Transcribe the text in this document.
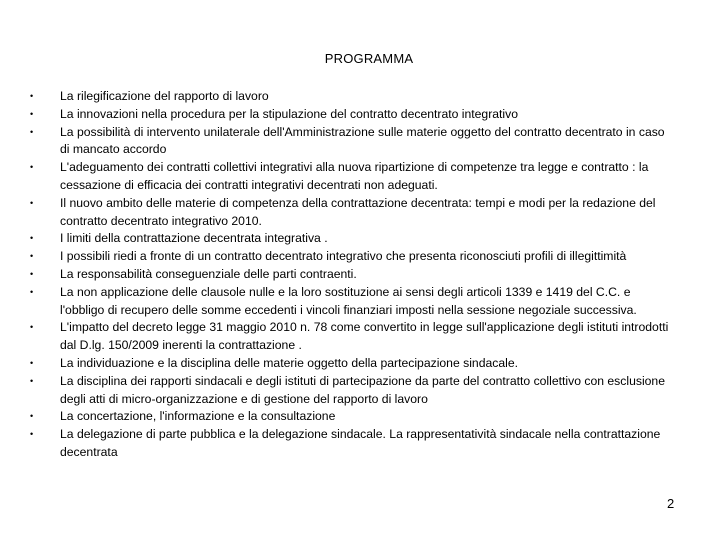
PROGRAMMA
• La rilegificazione del rapporto di lavoro
• La innovazioni nella procedura per la stipulazione del contratto decentrato integrativo
• La possibilità di intervento unilaterale dell'Amministrazione sulle materie oggetto del contratto decentrato in caso di mancato accordo
• L'adeguamento dei contratti collettivi integrativi alla nuova ripartizione di competenze tra legge e contratto : la cessazione di efficacia dei contratti integrativi decentrati non adeguati.
• Il nuovo ambito delle materie di competenza della contrattazione decentrata: tempi e modi per la redazione del contratto decentrato integrativo 2010.
• I limiti della contrattazione decentrata integrativa .
• I possibili riedi a fronte di un contratto decentrato integrativo che presenta riconosciuti profili di illegittimità
• La responsabilità conseguenziale delle parti contraenti.
• La non applicazione delle clausole nulle e la loro sostituzione ai sensi degli articoli 1339 e 1419 del C.C. e l'obbligo di recupero delle somme eccedenti i vincoli finanziari imposti nella sessione negoziale successiva.
• L'impatto del decreto legge 31 maggio 2010 n. 78 come convertito in legge sull'applicazione degli istituti introdotti dal D.lg. 150/2009 inerenti la contrattazione .
• La individuazione e la disciplina delle materie oggetto della partecipazione sindacale.
• La disciplina dei rapporti sindacali e degli istituti di partecipazione da parte del contratto collettivo con esclusione degli atti di micro-organizzazione e di gestione del rapporto di lavoro
• La concertazione, l'informazione e la consultazione
• La delegazione di parte pubblica e la delegazione sindacale. La rappresentatività sindacale nella contrattazione decentrata
2
